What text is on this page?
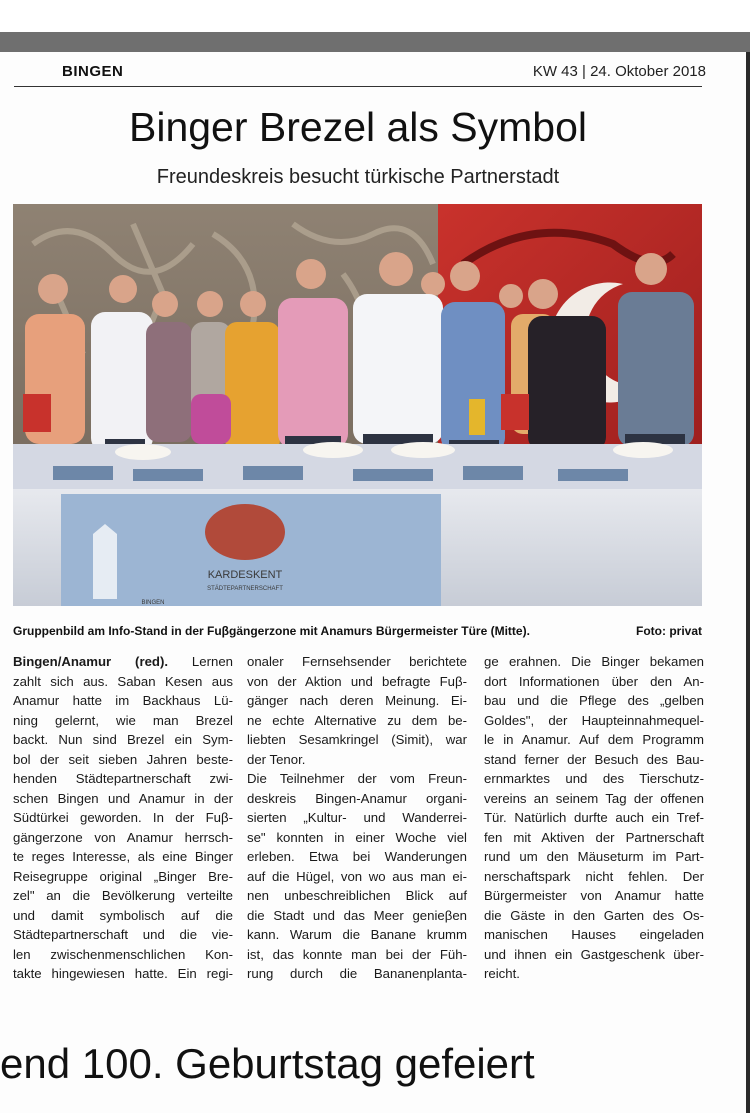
BINGEN	KW 43 | 24. Oktober 2018
Binger Brezel als Symbol
Freundeskreis besucht türkische Partnerstadt
KARDESKENT
STÄDTEPARTNERSCHAFT
BINGEN
Gruppenbild am Info-Stand in der Fuβgängerzone mit Anamurs Bürgermeister Türe (Mitte).	Foto: privat
Bingen/Anamur (red). Lernen
zahlt sich aus. Saban Kesen aus
Anamur hatte im Backhaus Lü-
ning gelernt, wie man Brezel
backt. Nun sind Brezel ein Sym-
bol der seit sieben Jahren beste-
henden Städtepartnerschaft zwi-
schen Bingen und Anamur in der
Südtürkei geworden. In der Fuβ-
gängerzone von Anamur herrsch-
te reges Interesse, als eine Binger
Reisegruppe original „Binger Bre-
zel" an die Bevölkerung verteilte
und damit symbolisch auf die
Städtepartnerschaft und die vie-
len zwischenmenschlichen Kon-
takte hingewiesen hatte. Ein regi-
onaler Fernsehsender berichtete
von der Aktion und befragte Fuβ-
gänger nach deren Meinung. Ei-
ne echte Alternative zu dem be-
liebten Sesamkringel (Simit), war
der Tenor.
Die Teilnehmer der vom Freun-
deskreis Bingen-Anamur organi-
sierten „Kultur- und Wanderrei-
se" konnten in einer Woche viel
erleben. Etwa bei Wanderungen
auf die Hügel, von wo aus man ei-
nen unbeschreiblichen Blick auf
die Stadt und das Meer genieβen
kann. Warum die Banane krumm
ist, das konnte man bei der Füh-
rung durch die Bananenplanta-
ge erahnen. Die Binger bekamen
dort Informationen über den An-
bau und die Pflege des „gelben
Goldes", der Haupteinnahmequel-
le in Anamur. Auf dem Programm
stand ferner der Besuch des Bau-
ernmarktes und des Tierschutz-
vereins an seinem Tag der offenen
Tür. Natürlich durfte auch ein Tref-
fen mit Aktiven der Partnerschaft
rund um den Mäuseturm im Part-
nerschaftspark nicht fehlen. Der
Bürgermeister von Anamur hatte
die Gäste in den Garten des Os-
manischen Hauses eingeladen
und ihnen ein Gastgeschenk über-
reicht.
end 100. Geburtstag gefeiert
